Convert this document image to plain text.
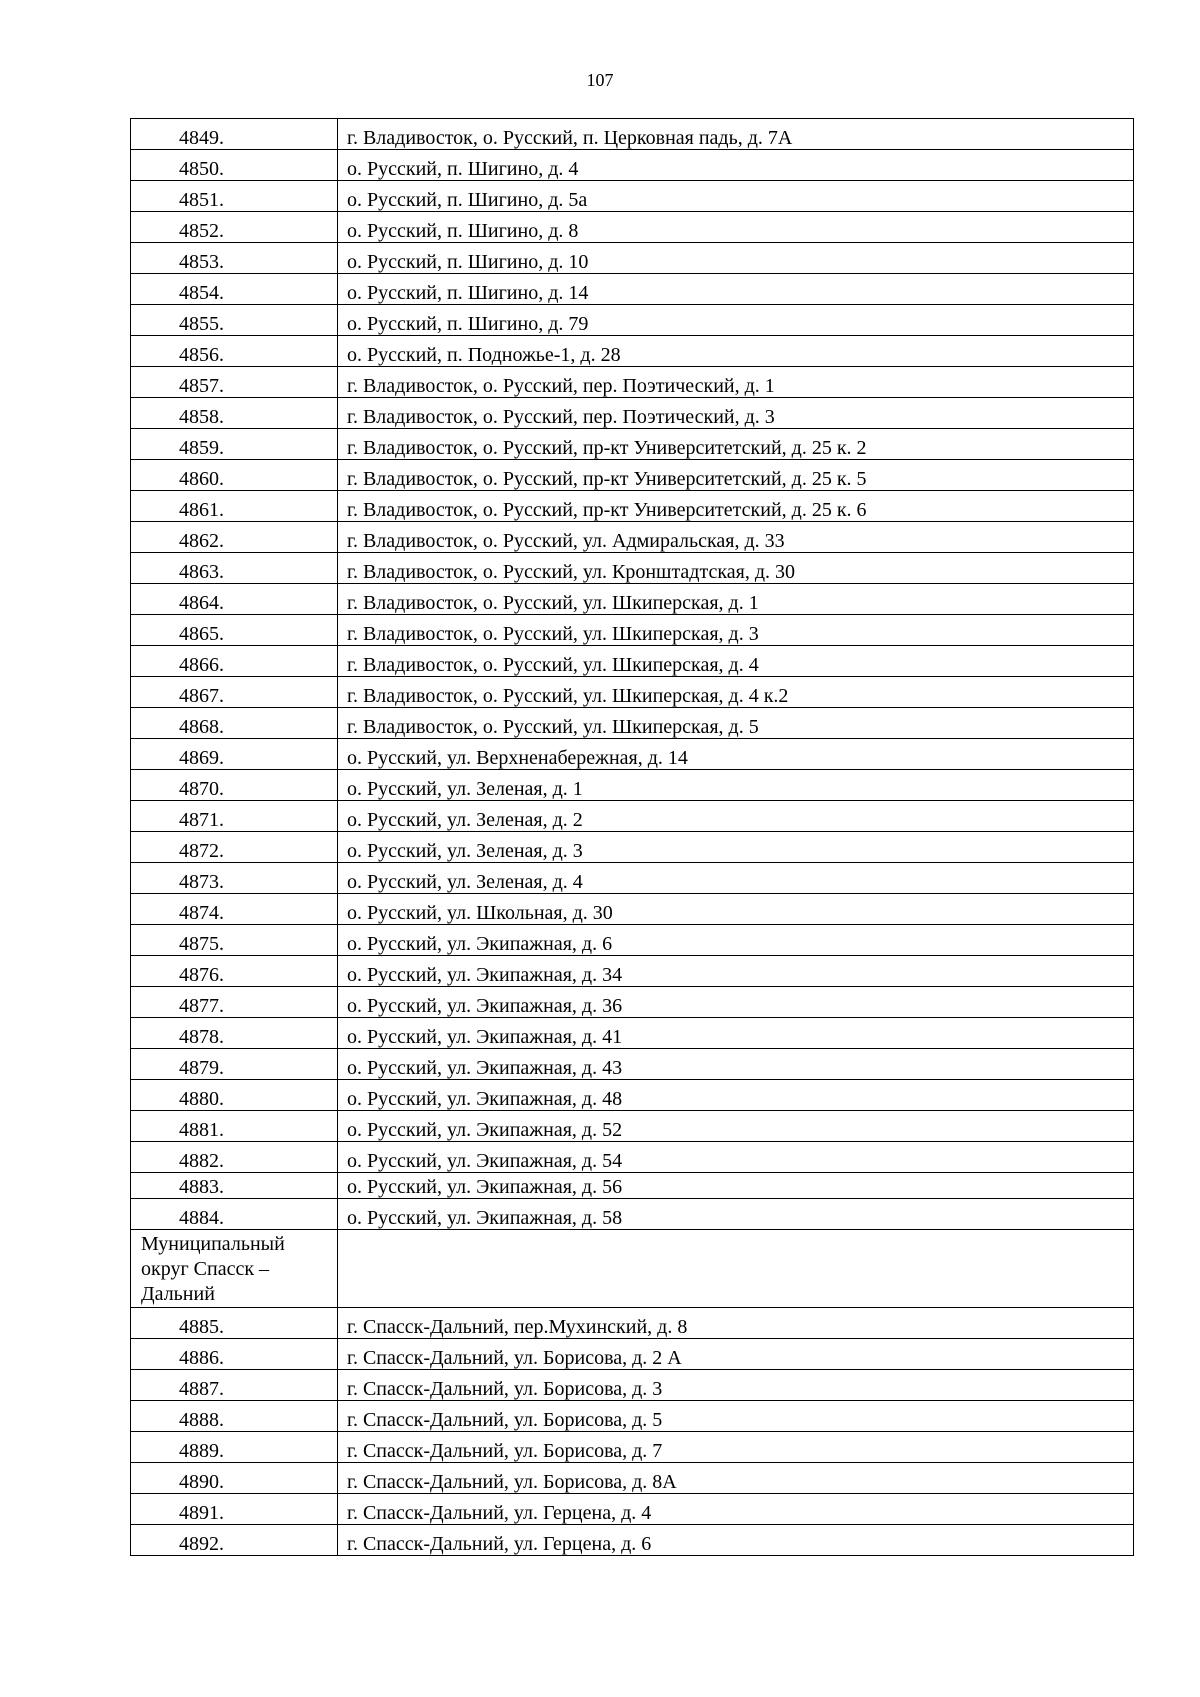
107
4849.	г. Владивосток, о. Русский, п. Церковная падь, д. 7А
4850.	о. Русский, п. Шигино, д. 4
4851.	о. Русский, п. Шигино, д. 5а
4852.	о. Русский, п. Шигино, д. 8
4853.	о. Русский, п. Шигино, д. 10
4854.	о. Русский, п. Шигино, д. 14
4855.	о. Русский, п. Шигино, д. 79
4856.	о. Русский, п. Подножье-1, д. 28
4857.	г. Владивосток, о. Русский, пер. Поэтический, д. 1
4858.	г. Владивосток, о. Русский, пер. Поэтический, д. 3
4859.	г. Владивосток, о. Русский, пр-кт Университетский, д. 25 к. 2
4860.	г. Владивосток, о. Русский, пр-кт Университетский, д. 25 к. 5
4861.	г. Владивосток, о. Русский, пр-кт Университетский, д. 25 к. 6
4862.	г. Владивосток, о. Русский, ул. Адмиральская, д. 33
4863.	г. Владивосток, о. Русский, ул. Кронштадтская, д. 30
4864.	г. Владивосток, о. Русский, ул. Шкиперская, д. 1
4865.	г. Владивосток, о. Русский, ул. Шкиперская, д. 3
4866.	г. Владивосток, о. Русский, ул. Шкиперская, д. 4
4867.	г. Владивосток, о. Русский, ул. Шкиперская, д. 4 к.2
4868.	г. Владивосток, о. Русский, ул. Шкиперская, д. 5
4869.	о. Русский, ул. Верхненабережная, д. 14
4870.	о. Русский, ул. Зеленая, д. 1
4871.	о. Русский, ул. Зеленая, д. 2
4872.	о. Русский, ул. Зеленая, д. 3
4873.	о. Русский, ул. Зеленая, д. 4
4874.	о. Русский, ул. Школьная, д. 30
4875.	о. Русский, ул. Экипажная, д. 6
4876.	о. Русский, ул. Экипажная, д. 34
4877.	о. Русский, ул. Экипажная, д. 36
4878.	о. Русский, ул. Экипажная, д. 41
4879.	о. Русский, ул. Экипажная, д. 43
4880.	о. Русский, ул. Экипажная, д. 48
4881.	о. Русский, ул. Экипажная, д. 52
4882.	о. Русский, ул. Экипажная, д. 54
4883.	о. Русский, ул. Экипажная, д. 56
4884.	о. Русский, ул. Экипажная, д. 58
Муниципальный
округ Спасск –
Дальний	
4885.	г. Спасск-Дальний, пер.Мухинский, д. 8
4886.	г. Спасск-Дальний, ул. Борисова, д. 2 А
4887.	г. Спасск-Дальний, ул. Борисова, д. 3
4888.	г. Спасск-Дальний, ул. Борисова, д. 5
4889.	г. Спасск-Дальний, ул. Борисова, д. 7
4890.	г. Спасск-Дальний, ул. Борисова, д. 8А
4891.	г. Спасск-Дальний, ул. Герцена, д. 4
4892.	г. Спасск-Дальний, ул. Герцена, д. 6
